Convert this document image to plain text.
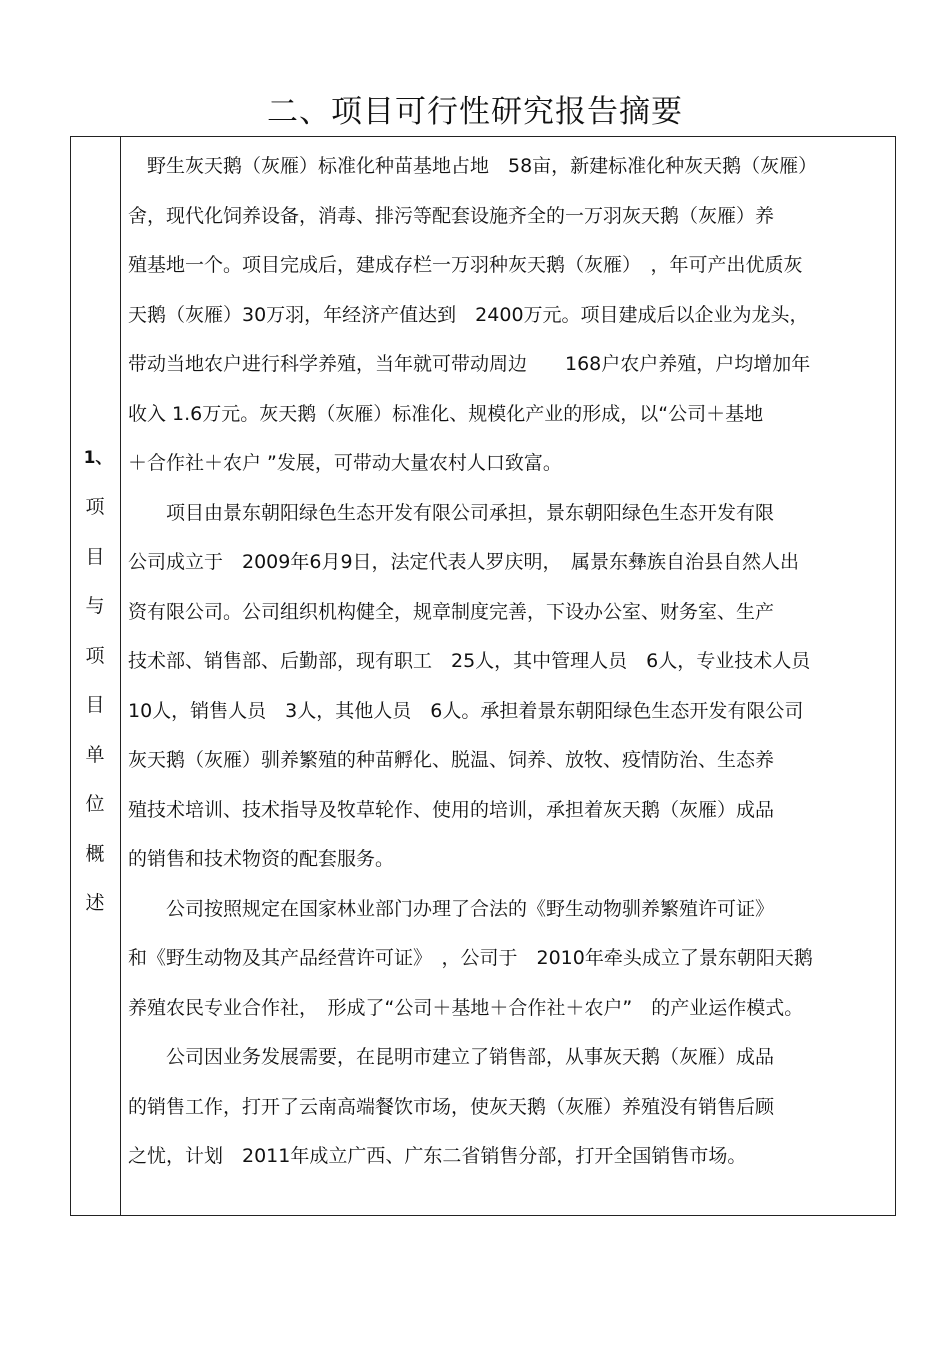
二、项目可行性研究报告摘要
1、
项
目
与
项
目
单
位
概
述
　野生灰天鹅（灰雁）标准化种苗基地占地　58亩，新建标准化种灰天鹅（灰雁）
舍，现代化饲养设备，消毒、排污等配套设施齐全的一万羽灰天鹅（灰雁）养
殖基地一个。项目完成后，建成存栏一万羽种灰天鹅（灰雁）　，年可产出优质灰
天鹅（灰雁）30万羽，年经济产值达到　2400万元。项目建成后以企业为龙头，
带动当地农户进行科学养殖，当年就可带动周边　　168户农户养殖，户均增加年
收入 1.6万元。灰天鹅（灰雁）标准化、规模化产业的形成，以“公司＋基地
＋合作社＋农户 ”发展，可带动大量农村人口致富。
　　项目由景东朝阳绿色生态开发有限公司承担，景东朝阳绿色生态开发有限
公司成立于　2009年6月9日，法定代表人罗庆明，　属景东彝族自治县自然人出
资有限公司。公司组织机构健全，规章制度完善，下设办公室、财务室、生产
技术部、销售部、后勤部，现有职工　25人，其中管理人员　6人，专业技术人员
10人，销售人员　3人，其他人员　6人。承担着景东朝阳绿色生态开发有限公司
灰天鹅（灰雁）驯养繁殖的种苗孵化、脱温、饲养、放牧、疫情防治、生态养
殖技术培训、技术指导及牧草轮作、使用的培训，承担着灰天鹅（灰雁）成品
的销售和技术物资的配套服务。
　　公司按照规定在国家林业部门办理了合法的《野生动物驯养繁殖许可证》
和《野生动物及其产品经营许可证》　，公司于　2010年牵头成立了景东朝阳天鹅
养殖农民专业合作社，　形成了“公司＋基地＋合作社＋农户”　的产业运作模式。
　　公司因业务发展需要，在昆明市建立了销售部，从事灰天鹅（灰雁）成品
的销售工作，打开了云南高端餐饮市场，使灰天鹅（灰雁）养殖没有销售后顾
之忧，计划　2011年成立广西、广东二省销售分部，打开全国销售市场。
